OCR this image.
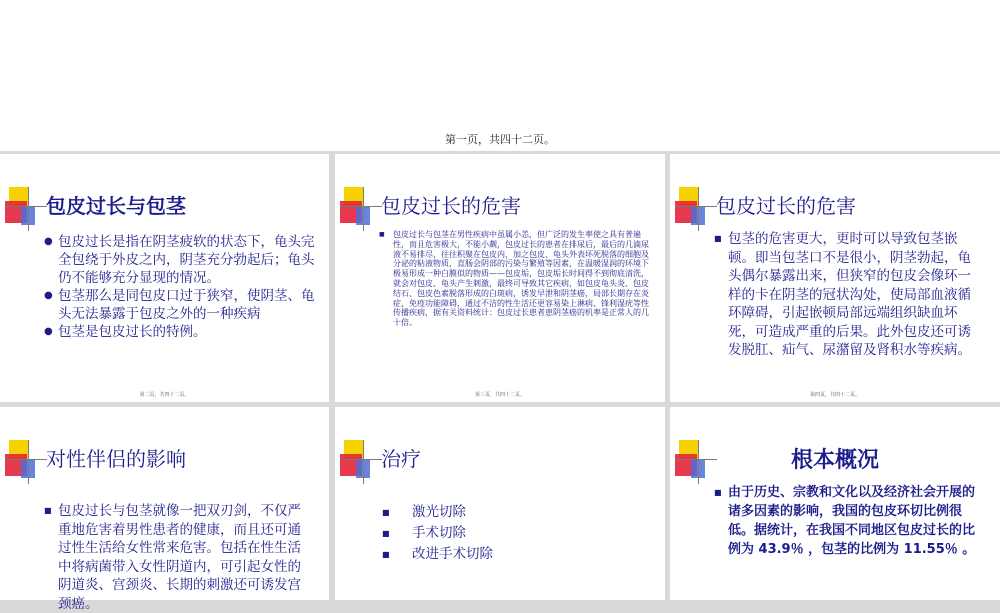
第一页，共四十二页。
包皮过长与包茎
● 包皮过长是指在阴茎疲软的状态下，龟头完全包绕于外皮之内，阴茎充分勃起后；龟头仍不能够充分显现的情况。
● 包茎那么是同包皮口过于狭窄，使阴茎、龟头无法暴露于包皮之外的一种疾病
● 包茎是包皮过长的特例。
第二页，共四十二页。
包皮过长的危害
■ 包皮过长与包茎在男性疾病中虽属小恙，但广泛的发生率使之具有普遍性，而且危害极大，不能小觑，包皮过长的患者在排尿后，最后的几滴尿液不易排尽，往往积聚在包皮内，加之包皮、龟头外表坏死脱落的细胞及分泌的粘液物质，直肠会阴部的污染与繁殖等因素，在温暖湿润的环境下极易形成一种白膜似的物质——包皮垢，包皮垢长时间得不到彻底清洗，就会对包皮、龟头产生刺激，最终可导致其它疾病，如包皮龟头炎、包皮结石、包皮色素脱落形成的白斑病，诱发早泄和阴茎癌，局部长期存在炎症，免疫功能障碍，通过不洁的性生活还更容易染上淋病、锋利湿疣等性传播疾病，据有关资料统计：包皮过长患者患阴茎癌的机率是正常人的几十倍。
第三页，共四十二页。
包皮过长的危害
■ 包茎的危害更大，更时可以导致包茎嵌顿。即当包茎口不是很小，阴茎勃起，龟头偶尔暴露出来，但狭窄的包皮会像环一样的卡在阴茎的冠状沟处，使局部血液循环障碍，引起嵌顿局部远端组织缺血坏死，可造成严重的后果。此外包皮还可诱发脱肛、疝气、尿潴留及肾积水等疾病。
第四页，共四十二页。
对性伴侣的影响
■ 包皮过长与包茎就像一把双刃剑，不仅严重地危害着男性患者的健康，而且还可通过性生活给女性常来危害。包括在性生活中将病菌带入女性阴道内，可引起女性的阴道炎、宫颈炎、长期的刺激还可诱发宫颈癌。
治疗
■ 激光切除
■ 手术切除
■ 改进手术切除
根本概况
■ 由于历史、宗教和文化以及经济社会开展的诸多因素的影响，我国的包皮环切比例很低。据统计，在我国不同地区包皮过长的比例为 43.9％ ，包茎的比例为 11.55％ 。
